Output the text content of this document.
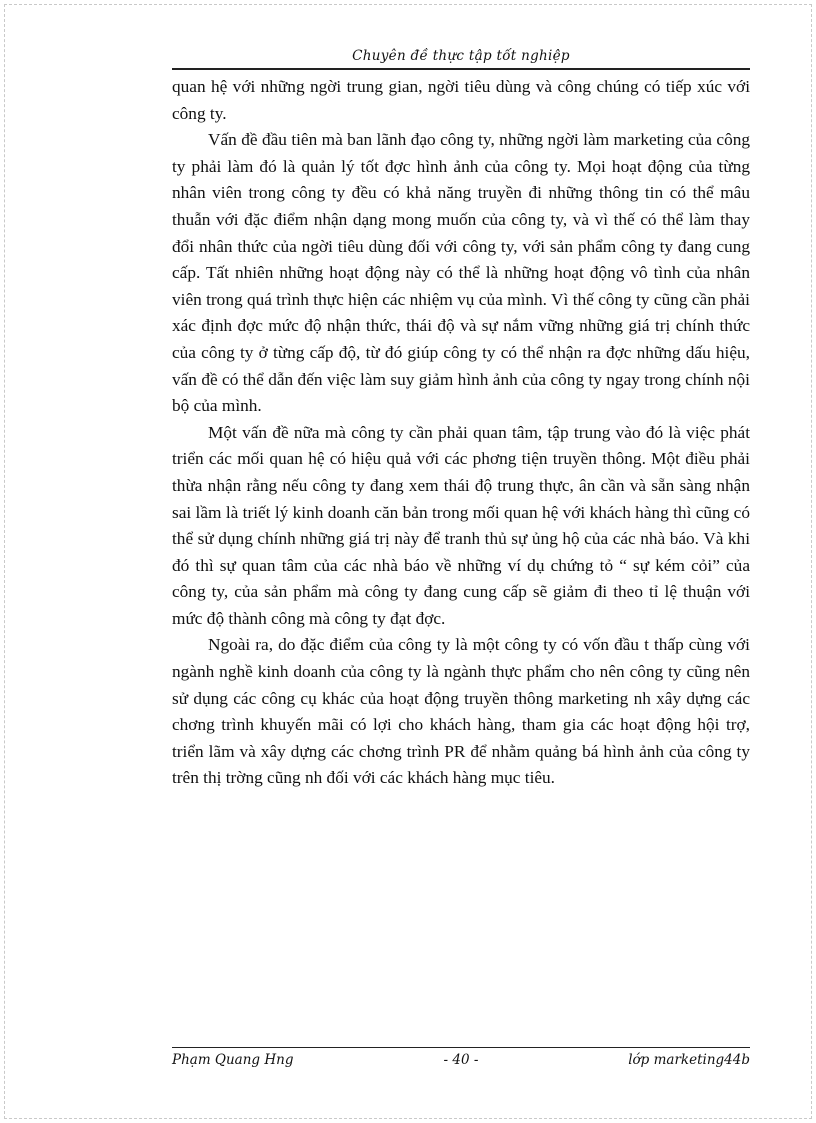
Chuyên đề thực tập tốt nghiệp

quan hệ với những ngời trung gian, ngời tiêu dùng và công chúng có tiếp xúc với công ty.

Vấn đề đầu tiên mà ban lãnh đạo công ty, những ngời làm marketing của công ty phải làm đó là quản lý tốt đợc hình ảnh của công ty. Mọi hoạt động của từng nhân viên trong công ty đều có khả năng truyền đi những thông tin có thể mâu thuẫn với đặc điểm nhận dạng mong muốn của công ty, và vì thế có thể làm thay đổi nhân thức của ngời tiêu dùng đối với công ty, với sản phẩm công ty đang cung cấp. Tất nhiên những hoạt động này có thể là những hoạt động vô tình của nhân viên trong quá trình thực hiện các nhiệm vụ của mình. Vì thế công ty cũng cần phải xác định đợc mức độ nhận thức, thái độ và sự nắm vững những giá trị chính thức của công ty ở từng cấp độ, từ đó giúp công ty có thể nhận ra đợc những dấu hiệu, vấn đề có thể dẫn đến việc làm suy giảm hình ảnh của công ty ngay trong chính nội bộ của mình.

Một vấn đề nữa mà công ty cần phải quan tâm, tập trung vào đó là việc phát triển các mối quan hệ có hiệu quả với các phơng tiện truyền thông. Một điều phải thừa nhận rằng nếu công ty đang xem thái độ trung thực, ân cần và sẵn sàng nhận sai lầm là triết lý kinh doanh căn bản trong mối quan hệ với khách hàng thì cũng có thể sử dụng chính những giá trị này để tranh thủ sự ủng hộ của các nhà báo. Và khi đó thì sự quan tâm của các nhà báo về những ví dụ chứng tỏ “ sự kém cỏi” của công ty, của sản phẩm mà công ty đang cung cấp sẽ giảm đi theo tỉ lệ thuận với mức độ thành công mà công ty đạt đợc.

Ngoài ra, do đặc điểm của công ty là một công ty có vốn đầu t thấp cùng với ngành nghề kinh doanh của công ty là ngành thực phẩm cho nên công ty cũng nên sử dụng các công cụ khác của hoạt động truyền thông marketing nh xây dựng các chơng trình khuyến mãi có lợi cho khách hàng, tham gia các hoạt động hội trợ, triển lãm và xây dựng các chơng trình PR để nhằm quảng bá hình ảnh của công ty trên thị trờng cũng nh đối với các khách hàng mục tiêu.

Phạm Quang Hng	- 40 -	lớp marketing44b
